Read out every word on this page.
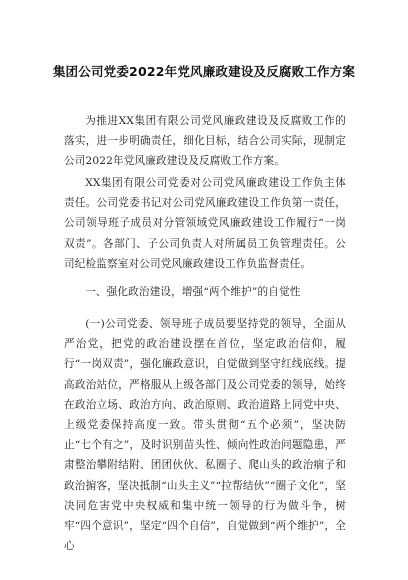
集团公司党委2022年党风廉政建设及反腐败工作方案

为推进XX集团有限公司党风廉政建设及反腐败工作的落实，进一步明确责任，细化目标，结合公司实际，现制定公司2022年党风廉政建设及反腐败工作方案。

XX集团有限公司党委对公司党风廉政建设工作负主体责任。公司党委书记对公司党风廉政建设工作负第一责任，公司领导班子成员对分管领域党风廉政建设工作履行“一岗双责”。各部门、子公司负责人对所属员工负管理责任。公司纪检监察室对公司党风廉政建设工作负监督责任。

一、强化政治建设，增强“两个维护”的自觉性

(一)公司党委、领导班子成员要坚持党的领导，全面从严治党，把党的政治建设摆在首位，坚定政治信仰，履行“一岗双责”，强化廉政意识，自觉做到坚守红线底线。提高政治站位，严格服从上级各部门及公司党委的领导，始终在政治立场、政治方向、政治原则、政治道路上同党中央、上级党委保持高度一致。带头贯彻“五个必须”，坚决防止“七个有之”，及时识别苗头性、倾向性政治问题隐患，严肃整治攀附结附、团团伙伙、私圈子、爬山头的政治痼子和政治掮客，坚决抵制“山头主义”“拉帮结伙”“圈子文化”，坚决同危害党中央权威和集中统一领导的行为做斗争，树牢“四个意识”，坚定“四个自信”，自觉做到“两个维护”，全心
